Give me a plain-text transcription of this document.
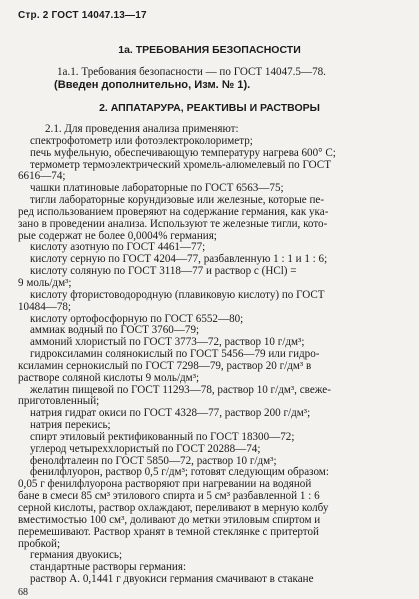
Стр. 2 ГОСТ 14047.13—17
1а. ТРЕБОВАНИЯ БЕЗОПАСНОСТИ
1а.1. Требования безопасности — по ГОСТ 14047.5—78.
(Введен дополнительно, Изм. № 1).
2. АППАТАРУРА, РЕАКТИВЫ И РАСТВОРЫ
2.1. Для проведения анализа применяют:
спектрофотометр или фотоэлектроколориметр;
печь муфельную, обеспечивающую температуру нагрева 600° С;
термометр термоэлектрический хромель-алюмелевый по ГОСТ
6616—74;
чашки платиновые лабораторные по ГОСТ 6563—75;
тигли лабораторные корундизовые или железные, которые пе-
ред использованием проверяют на содержание германия, как ука-
зано в проведении анализа. Используют те железные тигли, кото-
рые содержат не более 0,0004% германия;
кислоту азотную по ГОСТ 4461—77;
кислоту серную по ГОСТ 4204—77, разбавленную 1 : 1 и 1 : 6;
кислоту соляную по ГОСТ 3118—77 и раствор с (HCl) =
9 моль/дм³;
кислоту фтористоводородную (плавиковую кислоту) по ГОСТ
10484—78;
кислоту ортофосфорную по ГОСТ 6552—80;
аммиак водный по ГОСТ 3760—79;
аммоний хлористый по ГОСТ 3773—72, раствор 10 г/дм³;
гидроксиламин солянокислый по ГОСТ 5456—79 или гидро-
ксиламин сернокислый по ГОСТ 7298—79, раствор 20 г/дм³ в
растворе соляной кислоты 9 моль/дм³;
желатин пищевой по ГОСТ 11293—78, раствор 10 г/дм³, свеже-
приготовленный;
натрия гидрат окиси по ГОСТ 4328—77, раствор 200 г/дм³;
натрия перекись;
спирт этиловый ректификованный по ГОСТ 18300—72;
углерод четыреххлористый по ГОСТ 20288—74;
фенолфталеин по ГОСТ 5850—72, раствор 10 г/дм³;
фенилфлуорон, раствор 0,5 г/дм³; готовят следующим образом:
0,05 г фенилфлуорона растворяют при нагревании на водяной
бане в смеси 85 см³ этилового спирта и 5 см³ разбавленной 1 : 6
серной кислоты, раствор охлаждают, переливают в мерную колбу
вместимостью 100 см³, доливают до метки этиловым спиртом и
перемешивают. Раствор хранят в темной стеклянке с притертой
пробкой;
германия двуокись;
стандартные растворы германия:
раствор А. 0,1441 г двуокиси германия смачивают в стакане
68
